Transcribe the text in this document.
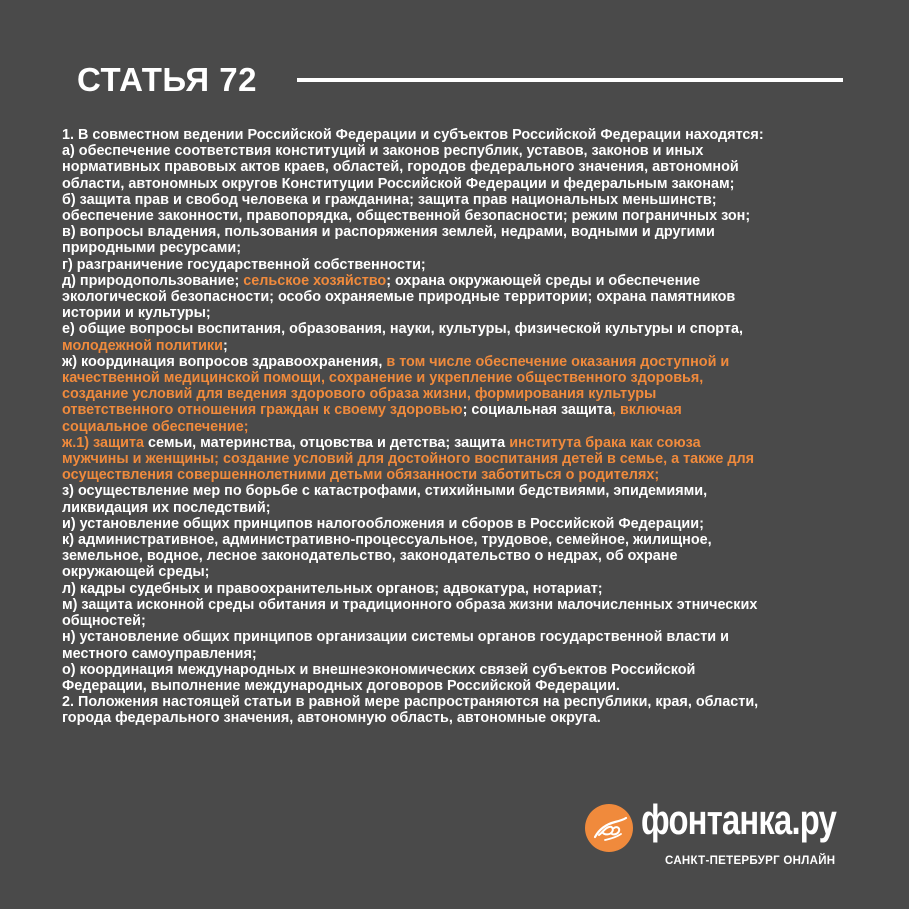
СТАТЬЯ 72
1. В совместном ведении Российской Федерации и субъектов Российской Федерации находятся:
а) обеспечение соответствия конституций и законов республик, уставов, законов и иных
нормативных правовых актов краев, областей, городов федерального значения, автономной
области, автономных округов Конституции Российской Федерации и федеральным законам;
б) защита прав и свобод человека и гражданина; защита прав национальных меньшинств;
обеспечение законности, правопорядка, общественной безопасности; режим пограничных зон;
в) вопросы владения, пользования и распоряжения землей, недрами, водными и другими
природными ресурсами;
г) разграничение государственной собственности;
д) природопользование; сельское хозяйство; охрана окружающей среды и обеспечение
экологической безопасности; особо охраняемые природные территории; охрана памятников
истории и культуры;
е) общие вопросы воспитания, образования, науки, культуры, физической культуры и спорта,
молодежной политики;
ж) координация вопросов здравоохранения, в том числе обеспечение оказания доступной и
качественной медицинской помощи, сохранение и укрепление общественного здоровья,
создание условий для ведения здорового образа жизни, формирования культуры
ответственного отношения граждан к своему здоровью; социальная защита, включая
социальное обеспечение;
ж.1) защита семьи, материнства, отцовства и детства; защита института брака как союза
мужчины и женщины; создание условий для достойного воспитания детей в семье, а также для
осуществления совершеннолетними детьми обязанности заботиться о родителях;
з) осуществление мер по борьбе с катастрофами, стихийными бедствиями, эпидемиями,
ликвидация их последствий;
и) установление общих принципов налогообложения и сборов в Российской Федерации;
к) административное, административно-процессуальное, трудовое, семейное, жилищное,
земельное, водное, лесное законодательство, законодательство о недрах, об охране
окружающей среды;
л) кадры судебных и правоохранительных органов; адвокатура, нотариат;
м) защита исконной среды обитания и традиционного образа жизни малочисленных этнических
общностей;
н) установление общих принципов организации системы органов государственной власти и
местного самоуправления;
о) координация международных и внешнеэкономических связей субъектов Российской
Федерации, выполнение международных договоров Российской Федерации.
2. Положения настоящей статьи в равной мере распространяются на республики, края, области,
города федерального значения, автономную область, автономные округа.
фонтанка.ру
САНКТ-ПЕТЕРБУРГ ОНЛАЙН
